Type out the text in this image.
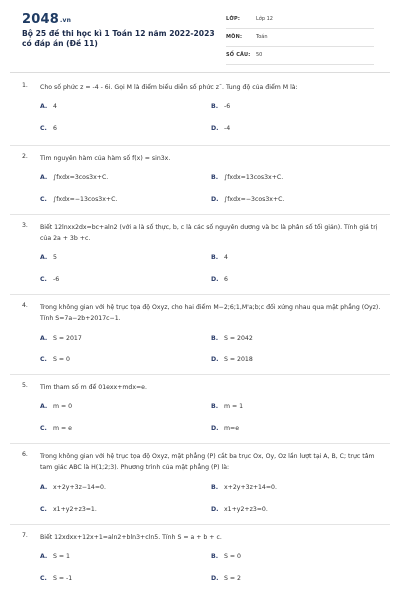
2048.vn
Bộ 25 đề thi học kì 1 Toán 12 năm 2022-2023 có đáp án (Đề 11)
LỚP:	Lớp 12
MÔN:	Toán
SỐ CÂU: 50
1. Cho số phức z = -4 - 6i. Gọi M là điểm biểu diễn số phức z¯. Tung độ của điểm M là:
A. 4	B. -6
C. 6	D. -4
2. Tìm nguyên hàm của hàm số f(x) = sin3x.
A. ∫fxdx=3cos3x+C.	B. ∫fxdx=13cos3x+C.
C. ∫fxdx=−13cos3x+C.	D. ∫fxdx=−3cos3x+C.
3. Biết 12lnxx2dx=bc+aln2 (với a là số thực, b, c là các số nguyên dương và bc là phân số tối giản). Tính giá trị của 2a + 3b +c.
A. 5	B. 4
C. -6	D. 6
4. Trong không gian với hệ trục tọa độ Oxyz, cho hai điểm M−2;6;1,M'a;b;c đối xứng nhau qua mặt phẳng (Oyz). Tính S=7a−2b+2017c−1.
A. S = 2017	B. S = 2042
C. S = 0	D. S = 2018
5. Tìm tham số m để 01exx+mdx=e.
A. m = 0	B. m = 1
C. m = e	D. m=e
6. Trong không gian với hệ trục tọa độ Oxyz, mặt phẳng (P) cắt ba trục Ox, Oy, Oz lần lượt tại A, B, C; trực tâm tam giác ABC là H(1;2;3). Phương trình của mặt phẳng (P) là:
A. x+2y+3z−14=0.	B. x+2y+3z+14=0.
C. x1+y2+z3=1.	D. x1+y2+z3=0.
7. Biết 12xdxx+12x+1=aln2+bln3+cln5. Tính S = a + b + c.
A. S = 1	B. S = 0
C. S = -1	D. S = 2
